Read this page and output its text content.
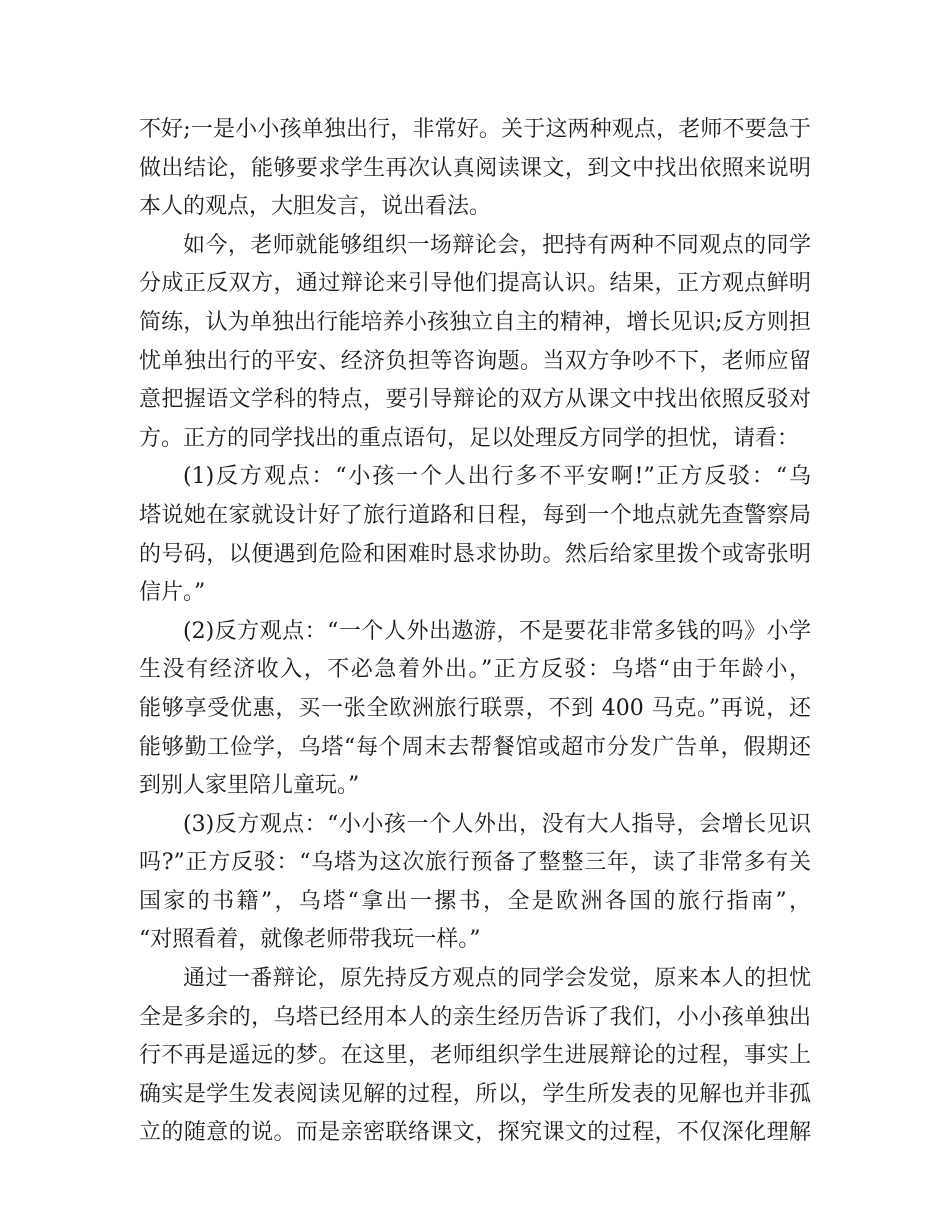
不好;一是小小孩单独出行，非常好。关于这两种观点，老师不要急于
做出结论，能够要求学生再次认真阅读课文，到文中找出依照来说明
本人的观点，大胆发言，说出看法。
如今，老师就能够组织一场辩论会，把持有两种不同观点的同学
分成正反双方，通过辩论来引导他们提高认识。结果，正方观点鲜明
简练，认为单独出行能培养小孩独立自主的精神，增长见识;反方则担
忧单独出行的平安、经济负担等咨询题。当双方争吵不下，老师应留
意把握语文学科的特点，要引导辩论的双方从课文中找出依照反驳对
方。正方的同学找出的重点语句，足以处理反方同学的担忧，请看：
(1)反方观点：“小孩一个人出行多不平安啊!”正方反驳：“乌
塔说她在家就设计好了旅行道路和日程，每到一个地点就先查警察局
的号码，以便遇到危险和困难时恳求协助。然后给家里拨个或寄张明
信片。”
(2)反方观点：“一个人外出遨游，不是要花非常多钱的吗》小学
生没有经济收入，不必急着外出。”正方反驳：乌塔“由于年龄小，
能够享受优惠，买一张全欧洲旅行联票，不到 400 马克。”再说，还
能够勤工俭学，乌塔“每个周末去帮餐馆或超市分发广告单，假期还
到别人家里陪儿童玩。”
(3)反方观点：“小小孩一个人外出，没有大人指导，会增长见识
吗?”正方反驳：“乌塔为这次旅行预备了整整三年，读了非常多有关
国家的书籍”，乌塔“拿出一摞书，全是欧洲各国的旅行指南”，
“对照看着，就像老师带我玩一样。”
通过一番辩论，原先持反方观点的同学会发觉，原来本人的担忧
全是多余的，乌塔已经用本人的亲生经历告诉了我们，小小孩单独出
行不再是遥远的梦。在这里，老师组织学生进展辩论的过程，事实上
确实是学生发表阅读见解的过程，所以，学生所发表的见解也并非孤
立的随意的说。而是亲密联络课文，探究课文的过程，不仅深化理解
